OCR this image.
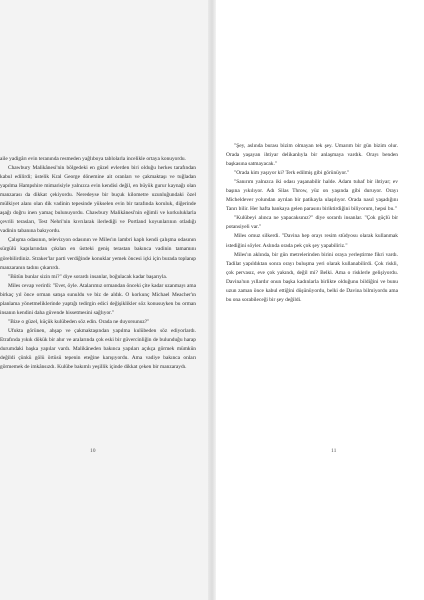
aile yadigârı evin teranında resmeden yağlıboya tablolarla incelikle ortaya konuyordu.

Chawbury Malikânesi'nin bölgedeki en güzel evlerden biri olduğu herkes tarafından kabul edilirdi; üstelik Kral George dönemine ait oranları ve çakmaktaşı ve tuğladan yapılma Hampshire mimarisiyle yalnızca evin kendisi değil, en büyük gurur kaynağı olan manzarası da dikkat çekiyordu. Neredeyse bir buçuk kilometre uzunluğundaki özel mülkiyet alanı olan dik vadinin tepesinde yükselen evin bir tarafında koruluk, diğerinde aşağı doğru inen yamaç bulunuyordu. Chawbury Malikânesi'nin eğimli ve korkuluklarla çevrili terasları, Test Nehri'nin kıvrılarak ilerlediği ve Portland koyunlarının otladığı vadinin tabanına bakıyordu.

Çalışma odasının, televizyon odasının ve Miles'ın lambri kaplı kendi çalışma odasının sürgülü kapılarından çıkılan en üstteki geniş terastan bakınca vadinin tamamını görebilirdiniz. Straker'lar parti verdiğinde konuklar yemek öncesi içki için burada toplanıp manzaranın tadını çıkarırdı.

"Bütün bunlar sizin mi?" diye sorardı insanlar, boğulacak kadar başarıyla.

Miles cevap verirdi: "Evet, öyle. Atalarımız ormandan önceki çite kadar uzanmayı ama birkaç yıl önce orman satışa sunuldu ve biz de aldık. O korkunç Michael Meacher'ın planlama yönetmeliklerinde yaptığı tedirgin edici değişiklikler söz konusuyken bu orman insanın kendini daha güvende hissetmesini sağlıyor."

"Bize o güzel, küçük kulübeden söz edin. Orada ne duyorsunuz?"

Ufukta görünen, ahşap ve çakmaktaşından yapılma kulübeden söz ediyorlardı. Etrafında yıkık dökük bir ahır ve aralarında çok eski bir güvercinliğin de bulunduğu harap durumdaki başka yapılar vardı. Malikâneden bakınca yapıları açıkça görmek mümkün değildi çünkü gölü örtüsü tepenin eteğine karışıyordu. Ama vadiye bakınca onları görmemek de imkânsızdı. Kulübe bakımlı yeşillik içinde dikkat çeken bir manzaraydı.

"Şey, aslında burası bizim olmayan tek şey. Umarım bir gün bizim olur. Orada yaşayan ihtiyar delikanlıyla bir anlaşmaya vardık. Orayı benden başkasına satmayacak."

"Orada kim yaşıyor ki? Terk edilmiş gibi görünüyor."

"Sanırım yalnızca iki odası yaşanabilir halde. Adam tuhaf bir ihtiyar; ev başına yıkılıyor. Adı Silas Throw, yüz on yaşında gibi duruyor. Orayı Micheldever yolundan ayrılan bir patikayla ulaşılıyor. Orada nasıl yaşadığını Tanrı bilir. Her hafta bankaya gelen parasını biriktirdiğini biliyorum, hepsi bu."

"Kulübeyi alınca ne yapacaksınız?" diye sorardı insanlar. "Çok güçlü bir potansiyeli var."

Miles omuz silkerdi. "Davina hep orayı resim stüdyosu olarak kullanmak istediğini söyler. Aslında orada pek çok şey yapabiliriz."

Miles'ın aklında, bir gün metrelerinden birini oraya yerleştirme fikri vardı. Tadilat yapıldıktan sonra orayı buluşma yeri olarak kullanabilirdi. Çok riskli, çok pervasız, eve çok yakındı, değil mi? Belki. Ama o risklerle gelişiyordu. Davina'nın yıllardır onun başka kadınlarla birlikte olduğunu bildiğini ve bunu uzun zaman önce kabul ettiğini düşünüyordu, belki de Davina bilmiyordu ama bu ona sorabileceği bir şey değildi.

10	11
